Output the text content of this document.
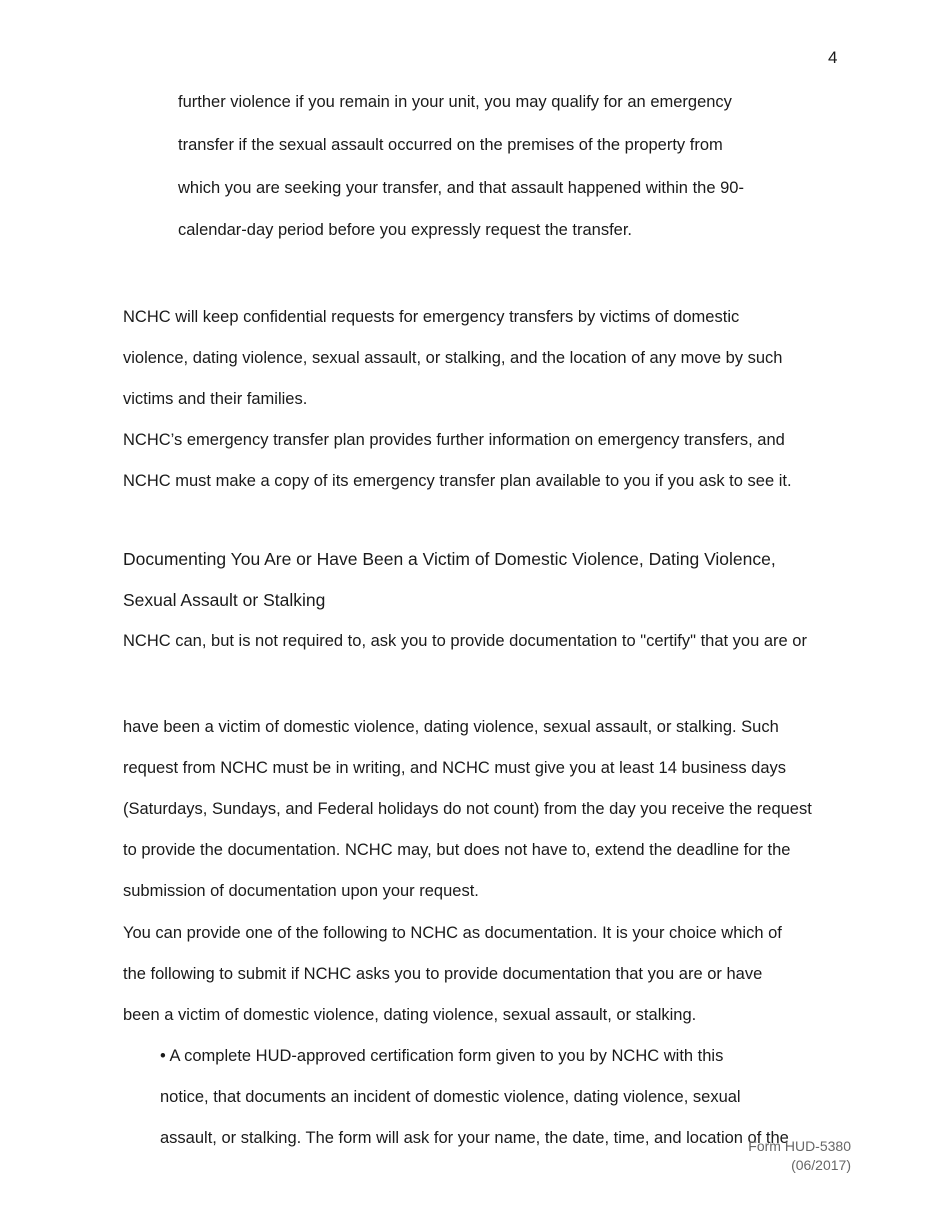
4
further violence if you remain in your unit, you may qualify for an emergency
transfer if the sexual assault occurred on the premises of the property from
which you are seeking your transfer, and that assault happened within the 90-
calendar-day period before you expressly request the transfer.
NCHC will keep confidential requests for emergency transfers by victims of domestic
violence, dating violence, sexual assault, or stalking, and the location of any move by such
victims and their families.
NCHC’s emergency transfer plan provides further information on emergency transfers, and
NCHC must make a copy of its emergency transfer plan available to you if you ask to see it.
Documenting You Are or Have Been a Victim of Domestic Violence, Dating Violence,
Sexual Assault or Stalking
NCHC can, but is not required to, ask you to provide documentation to "certify" that you are or
have been a victim of domestic violence, dating violence, sexual assault, or stalking. Such
request from NCHC must be in writing, and NCHC must give you at least 14 business days
(Saturdays, Sundays, and Federal holidays do not count) from the day you receive the request
to provide the documentation. NCHC may, but does not have to, extend the deadline for the
submission of documentation upon your request.
You can provide one of the following to NCHC as documentation. It is your choice which of
the following to submit if NCHC asks you to provide documentation that you are or have
been a victim of domestic violence, dating violence, sexual assault, or stalking.
• A complete HUD-approved certification form given to you by NCHC with this
notice, that documents an incident of domestic violence, dating violence, sexual
assault, or stalking. The form will ask for your name, the date, time, and location of the
Form HUD-5380
(06/2017)
